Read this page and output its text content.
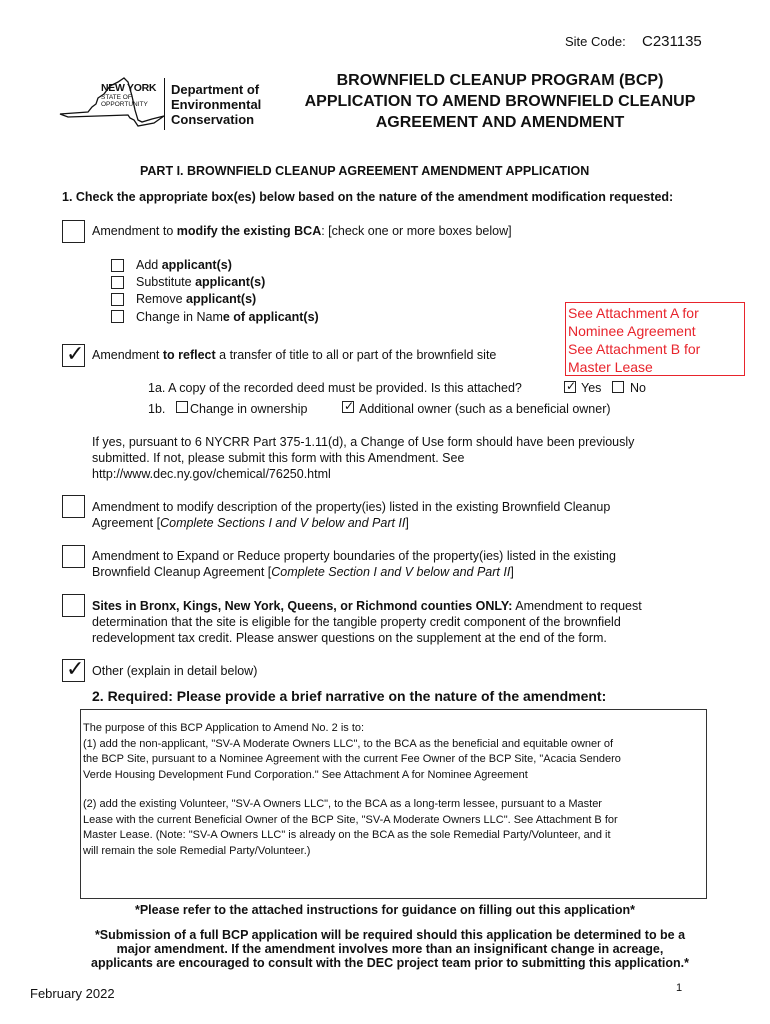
Site Code: C231135
NEW YORK
STATE OF
OPPORTUNITY
Department of
Environmental
Conservation
BROWNFIELD CLEANUP PROGRAM (BCP)
APPLICATION TO AMEND BROWNFIELD CLEANUP
AGREEMENT AND AMENDMENT
PART I. BROWNFIELD CLEANUP AGREEMENT AMENDMENT APPLICATION
1. Check the appropriate box(es) below based on the nature of the amendment modification requested:
Amendment to modify the existing BCA: [check one or more boxes below]
Add applicant(s)
Substitute applicant(s)
Remove applicant(s)
Change in Name of applicant(s)	See Attachment A for
Nominee Agreement
See Attachment B for
Master Lease
✓ Amendment to reflect a transfer of title to all or part of the brownfield site
1a. A copy of the recorded deed must be provided. Is this attached?	✓ Yes No
1b. Change in ownership	✓ Additional owner (such as a beneficial owner)
If yes, pursuant to 6 NYCRR Part 375-1.11(d), a Change of Use form should have been previously
submitted. If not, please submit this form with this Amendment. See
http://www.dec.ny.gov/chemical/76250.html
Amendment to modify description of the property(ies) listed in the existing Brownfield Cleanup
Agreement [Complete Sections I and V below and Part II]
Amendment to Expand or Reduce property boundaries of the property(ies) listed in the existing
Brownfield Cleanup Agreement [Complete Section I and V below and Part II]
Sites in Bronx, Kings, New York, Queens, or Richmond counties ONLY: Amendment to request
determination that the site is eligible for the tangible property credit component of the brownfield
redevelopment tax credit. Please answer questions on the supplement at the end of the form.
✓ Other (explain in detail below)
2. Required: Please provide a brief narrative on the nature of the amendment:
The purpose of this BCP Application to Amend No. 2 is to:
(1) add the non-applicant, "SV-A Moderate Owners LLC", to the BCA as the beneficial and equitable owner of
the BCP Site, pursuant to a Nominee Agreement with the current Fee Owner of the BCP Site, "Acacia Sendero
Verde Housing Development Fund Corporation." See Attachment A for Nominee Agreement
(2) add the existing Volunteer, "SV-A Owners LLC", to the BCA as a long-term lessee, pursuant to a Master
Lease with the current Beneficial Owner of the BCP Site, "SV-A Moderate Owners LLC". See Attachment B for
Master Lease. (Note: "SV-A Owners LLC" is already on the BCA as the sole Remedial Party/Volunteer, and it
will remain the sole Remedial Party/Volunteer.)
*Please refer to the attached instructions for guidance on filling out this application*
*Submission of a full BCP application will be required should this application be determined to be a
major amendment. If the amendment involves more than an insignificant change in acreage,
applicants are encouraged to consult with the DEC project team prior to submitting this application.*
February 2022	1
